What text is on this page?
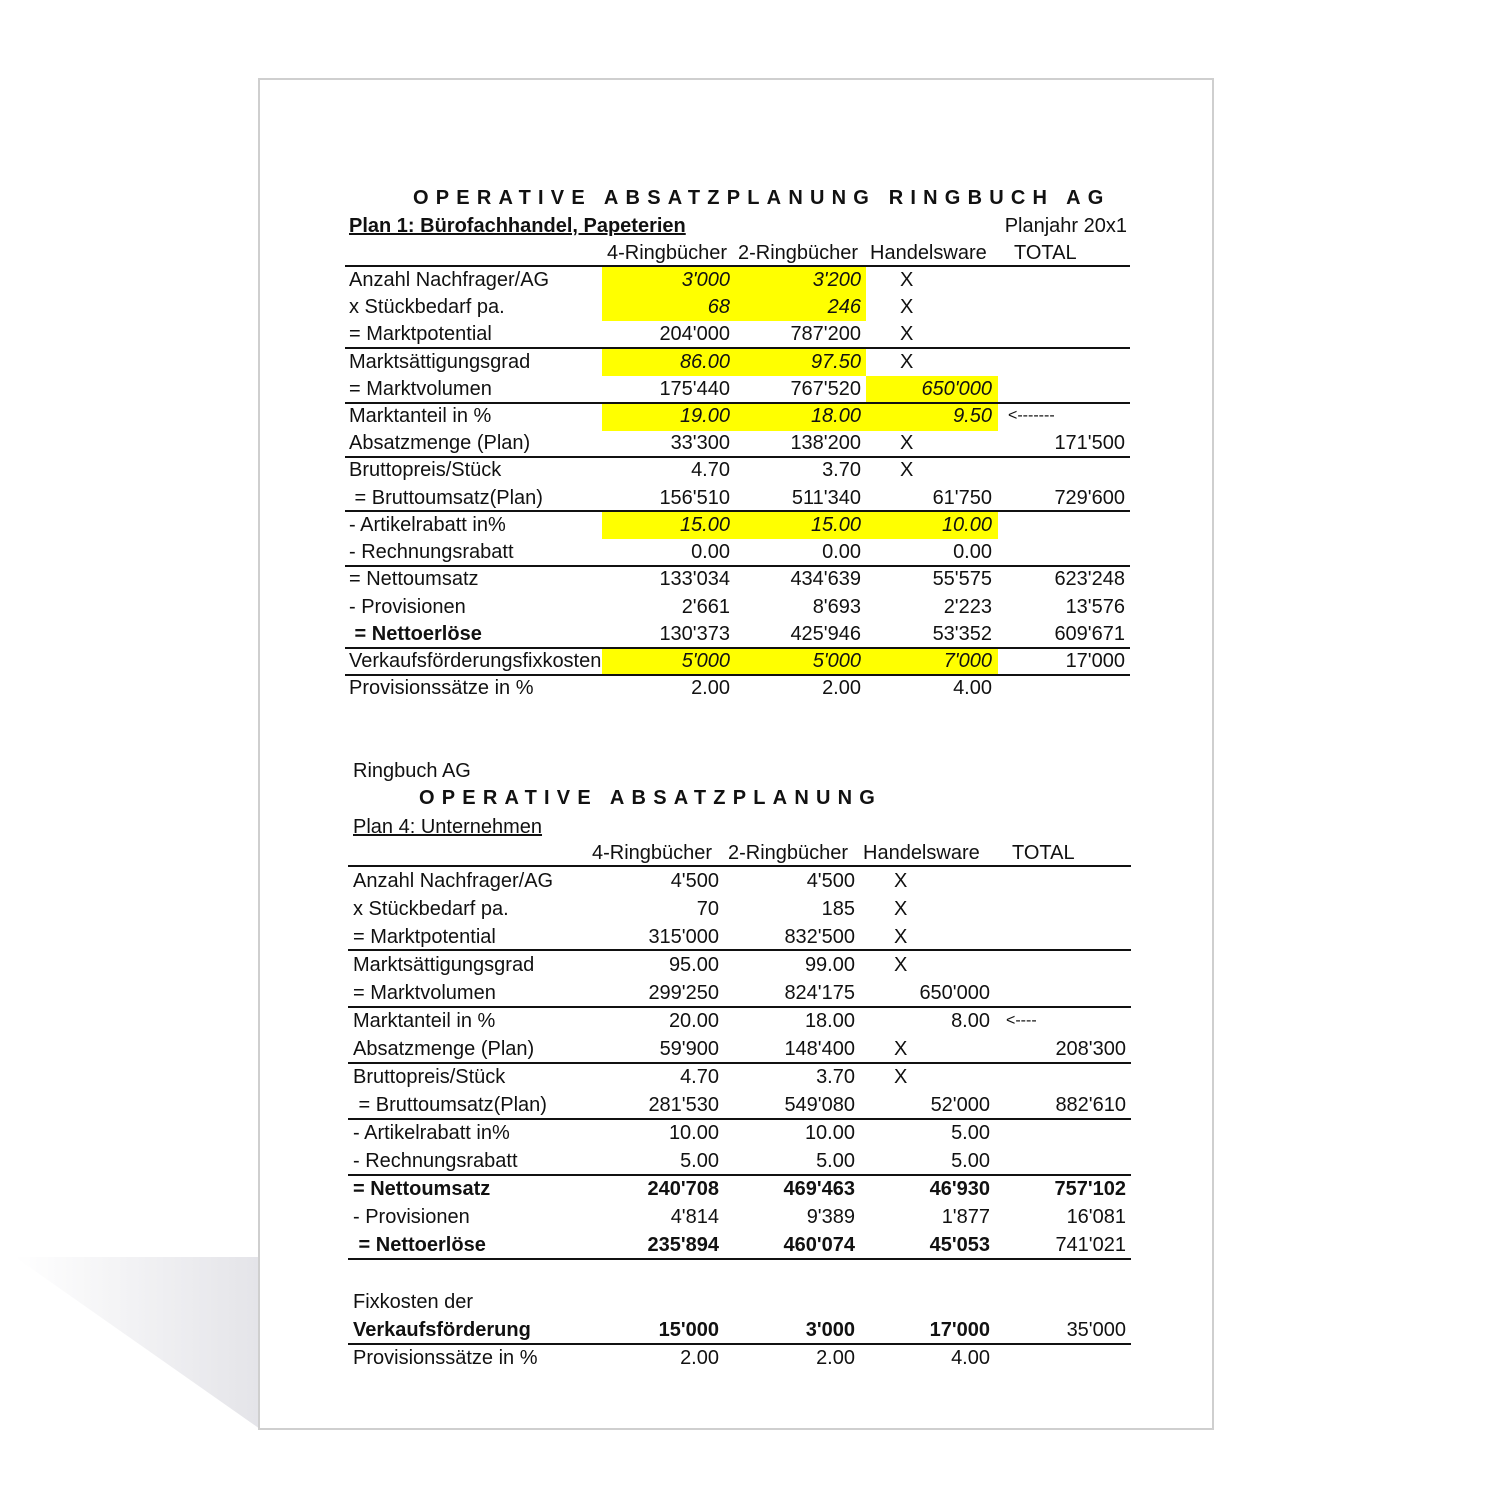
OPERATIVE ABSATZPLANUNG RINGBUCH AG
Plan 1: Bürofachhandel, Papeterien	Planjahr 20x1
4-Ringbücher 2-Ringbücher Handelsware TOTAL
Anzahl Nachfrager/AG	3'000	3'200 X
x Stückbedarf pa.	68	246 X
= Marktpotential	204'000	787'200 X
Marktsättigungsgrad	86.00	97.50 X
= Marktvolumen	175'440	767'520	650'000
Marktanteil in %	19.00	18.00	9.50 <-------
Absatzmenge (Plan)	33'300	138'200 X	171'500
Bruttopreis/Stück	4.70	3.70 X
= Bruttoumsatz(Plan)	156'510	511'340	61'750	729'600
- Artikelrabatt in%	15.00	15.00	10.00
- Rechnungsrabatt	0.00	0.00	0.00
= Nettoumsatz	133'034	434'639	55'575	623'248
- Provisionen	2'661	8'693	2'223	13'576
= Nettoerlöse	130'373	425'946	53'352	609'671
Verkaufsförderungsfixkosten	5'000	5'000	7'000	17'000
Provisionssätze in %	2.00	2.00	4.00
Ringbuch AG
OPERATIVE ABSATZPLANUNG
Plan 4: Unternehmen
4-Ringbücher 2-Ringbücher Handelsware TOTAL
Anzahl Nachfrager/AG	4'500	4'500 X
x Stückbedarf pa.	70	185 X
= Marktpotential	315'000	832'500 X
Marktsättigungsgrad	95.00	99.00 X
= Marktvolumen	299'250	824'175	650'000
Marktanteil in %	20.00	18.00	8.00 <----
Absatzmenge (Plan)	59'900	148'400 X	208'300
Bruttopreis/Stück	4.70	3.70 X
= Bruttoumsatz(Plan)	281'530	549'080	52'000	882'610
- Artikelrabatt in%	10.00	10.00	5.00
- Rechnungsrabatt	5.00	5.00	5.00
= Nettoumsatz	240'708	469'463	46'930	757'102
- Provisionen	4'814	9'389	1'877	16'081
= Nettoerlöse	235'894	460'074	45'053	741'021
Fixkosten der
Verkaufsförderung	15'000	3'000	17'000	35'000
Provisionssätze in %	2.00	2.00	4.00
